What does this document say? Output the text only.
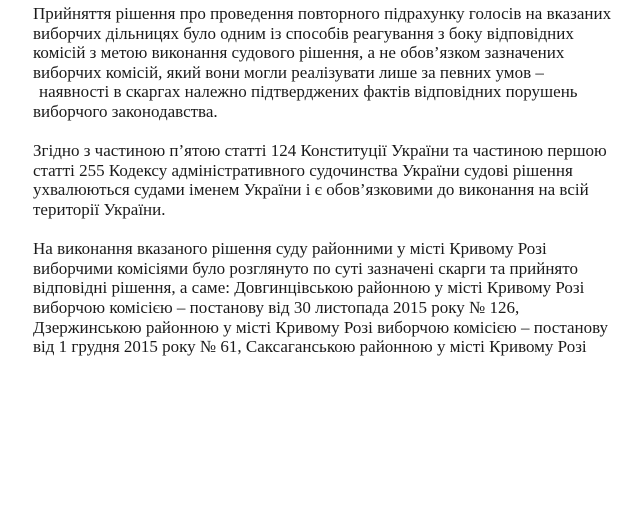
Прийняття рішення про проведення повторного підрахунку голосів на вказаних
виборчих дільницях було одним із способів реагування з боку відповідних
комісій з метою виконання судового рішення, а не обов’язком зазначених
виборчих комісій, який вони могли реалізувати лише за певних умов –
наявності в скаргах належно підтверджених фактів відповідних порушень
виборчого законодавства.

Згідно з частиною п’ятою статті 124 Конституції України та частиною першою
статті 255 Кодексу адміністративного судочинства України судові рішення
ухвалюються судами іменем України і є обов’язковими до виконання на всій
території України.

На виконання вказаного рішення суду районними у місті Кривому Розі
виборчими комісіями було розглянуто по суті зазначені скарги та прийнято
відповідні рішення, а саме: Довгинцівською районною у місті Кривому Розі
виборчою комісією – постанову від 30 листопада 2015 року № 126,
Дзержинською районною у місті Кривому Розі виборчою комісією – постанову
від 1 грудня 2015 року № 61, Саксаганською районною у місті Кривому Розі
